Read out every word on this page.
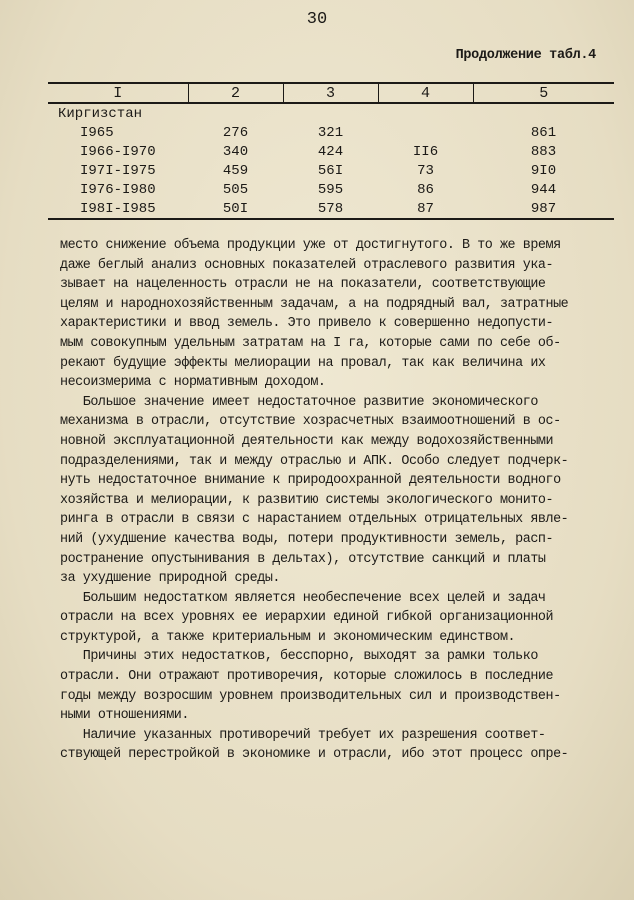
30
Продолжение табл.4
I	2	3	4	5
Киргизстан				
I965	276	321		861
I966-I970	340	424	II6	883
I97I-I975	459	56I	73	9I0
I976-I980	505	595	86	944
I98I-I985	50I	578	87	987
место снижение объема продукции уже от достигнутого. В то же время
даже беглый анализ основных показателей отраслевого развития ука-
зывает на нацеленность отрасли не на показатели, соответствующие
целям и народнохозяйственным задачам, а на подрядный вал, затратные
характеристики и ввод земель. Это привело к совершенно недопусти-
мым совокупным удельным затратам на I га, которые сами по себе об-
рекают будущие эффекты мелиорации на провал, так как величина их
несоизмерима с нормативным доходом.
Большое значение имеет недостаточное развитие экономического
механизма в отрасли, отсутствие хозрасчетных взаимоотношений в ос-
новной эксплуатационной деятельности как между водохозяйственными
подразделениями, так и между отраслью и АПК. Особо следует подчерк-
нуть недостаточное внимание к природоохранной деятельности водного
хозяйства и мелиорации, к развитию системы экологического монито-
ринга в отрасли в связи с нарастанием отдельных отрицательных явле-
ний (ухудшение качества воды, потери продуктивности земель, расп-
ространение опустынивания в дельтах), отсутствие санкций и платы
за ухудшение природной среды.
Большим недостатком является необеспечение всех целей и задач
отрасли на всех уровнях ее иерархии единой гибкой организационной
структурой, а также критериальным и экономическим единством.
Причины этих недостатков, бесспорно, выходят за рамки только
отрасли. Они отражают противоречия, которые сложилось в последние
годы между возросшим уровнем производительных сил и производствен-
ными отношениями.
Наличие указанных противоречий требует их разрешения соответ-
ствующей перестройкой в экономике и отрасли, ибо этот процесс опре-
